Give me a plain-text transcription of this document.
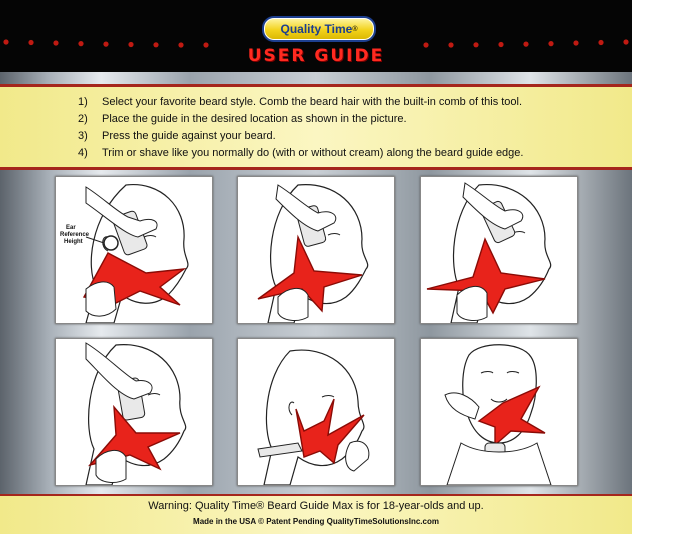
Quality Time ®
USER GUIDE
1)	Select your favorite beard style. Comb the beard hair with the built-in comb of this tool.
2)	Place the guide in the desired location as shown in the picture.
3)	Press the guide against your beard.
4)	Trim or shave like you normally do (with or without cream) along the beard guide edge.
Ear
Reference
Height
Warning: Quality Time® Beard Guide Max is for 18-year-olds and up.
Made in the USA © Patent Pending QualityTimeSolutionsInc.com
